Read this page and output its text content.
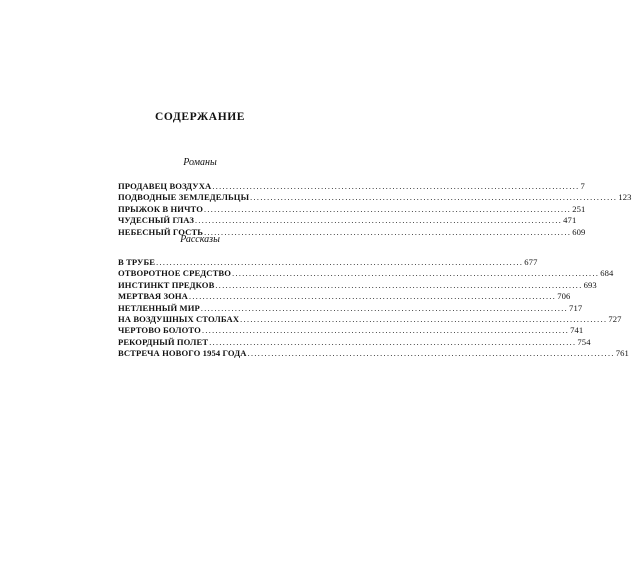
СОДЕРЖАНИЕ
Романы
ПРОДАВЕЦ ВОЗДУХА ............................................................................................................ 7
ПОДВОДНЫЕ ЗЕМЛЕДЕЛЬЦЫ ............................................................................................................ 123
ПРЫЖОК В НИЧТО ............................................................................................................ 251
ЧУДЕСНЫЙ ГЛАЗ ............................................................................................................ 471
НЕБЕСНЫЙ ГОСТЬ ............................................................................................................ 609
Рассказы
В ТРУБЕ ............................................................................................................ 677
ОТВОРОТНОЕ СРЕДСТВО ............................................................................................................ 684
ИНСТИНКТ ПРЕДКОВ ............................................................................................................ 693
МЕРТВАЯ ЗОНА ............................................................................................................ 706
НЕТЛЕННЫЙ МИР ............................................................................................................ 717
НА ВОЗДУШНЫХ СТОЛБАХ ............................................................................................................ 727
ЧЕРТОВО БОЛОТО ............................................................................................................ 741
РЕКОРДНЫЙ ПОЛЕТ ............................................................................................................ 754
ВСТРЕЧА НОВОГО 1954 ГОДА ............................................................................................................ 761
